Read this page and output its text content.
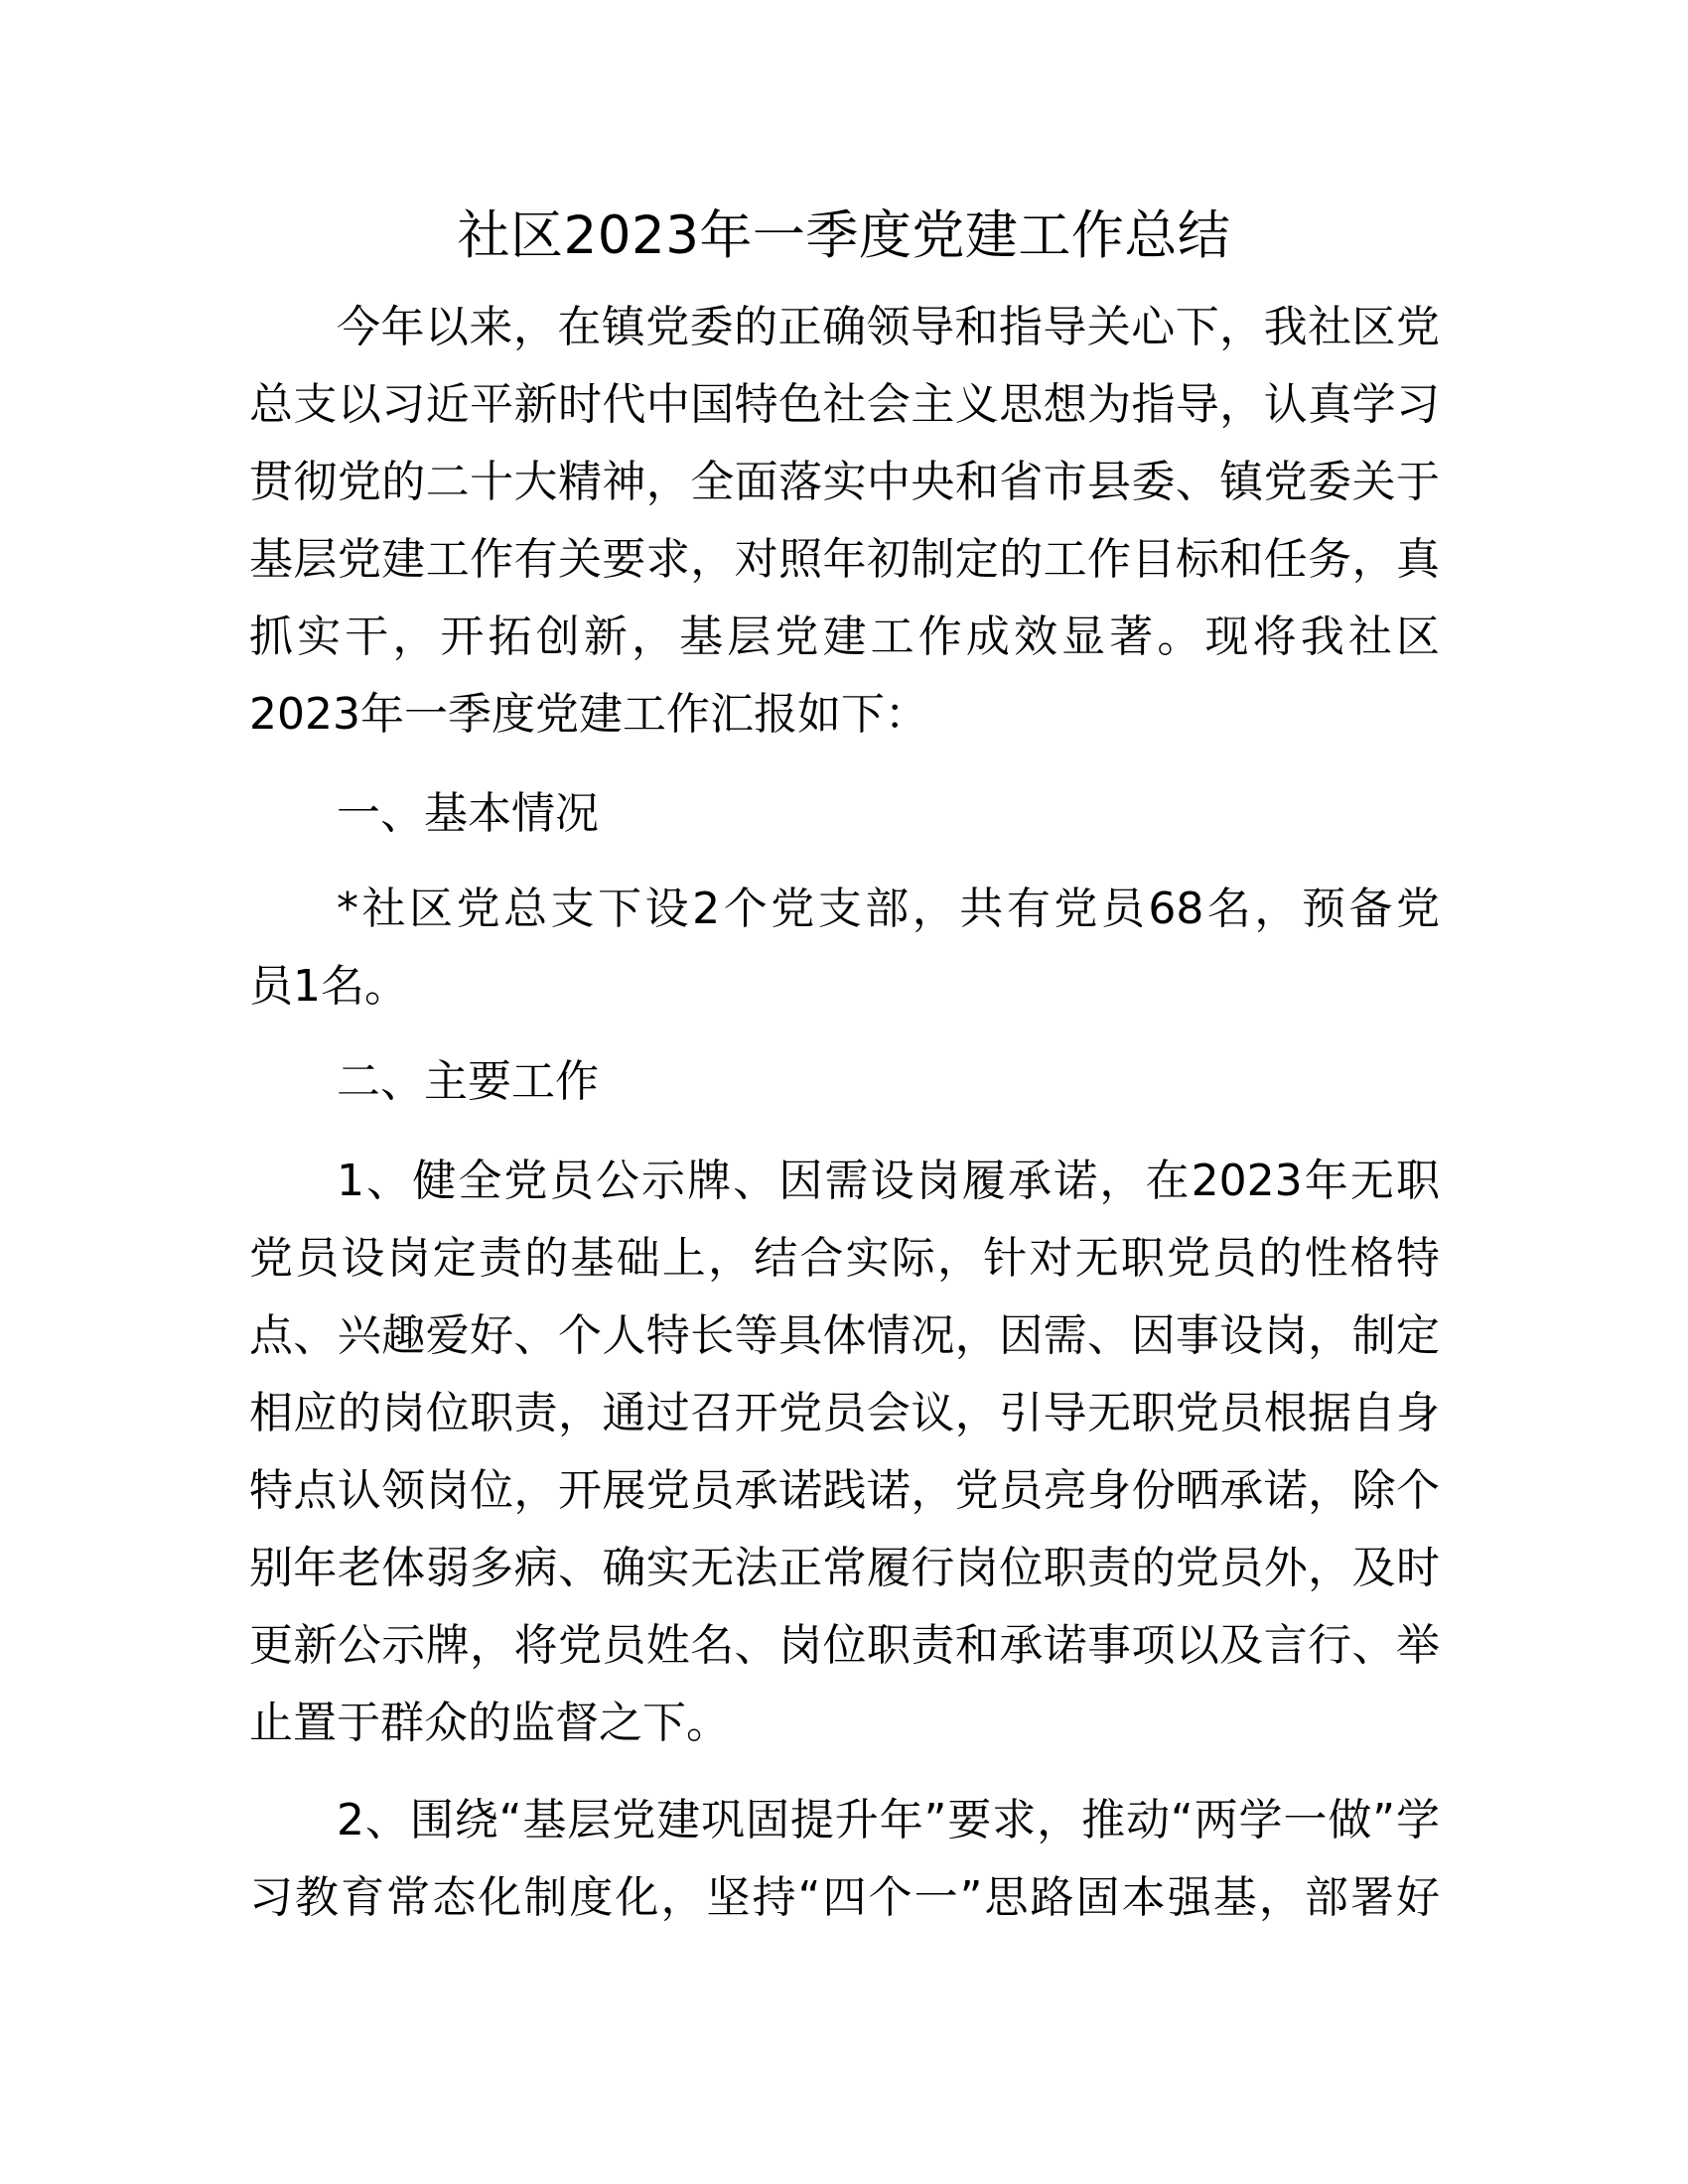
社区2023年一季度党建工作总结
今年以来，在镇党委的正确领导和指导关心下，我社区党
总支以习近平新时代中国特色社会主义思想为指导，认真学习
贯彻党的二十大精神，全面落实中央和省市县委、镇党委关于
基层党建工作有关要求，对照年初制定的工作目标和任务，真
抓实干，开拓创新，基层党建工作成效显著。现将我社区
2023年一季度党建工作汇报如下：
一、基本情况
*社区党总支下设2个党支部，共有党员68名，预备党
员1名。
二、主要工作
1、健全党员公示牌、因需设岗履承诺，在2023年无职
党员设岗定责的基础上，结合实际，针对无职党员的性格特
点、兴趣爱好、个人特长等具体情况，因需、因事设岗，制定
相应的岗位职责，通过召开党员会议，引导无职党员根据自身
特点认领岗位，开展党员承诺践诺，党员亮身份晒承诺，除个
别年老体弱多病、确实无法正常履行岗位职责的党员外，及时
更新公示牌，将党员姓名、岗位职责和承诺事项以及言行、举
止置于群众的监督之下。
2、围绕“基层党建巩固提升年”要求，推动“两学一做”学
习教育常态化制度化，坚持“四个一”思路固本强基，部署好
